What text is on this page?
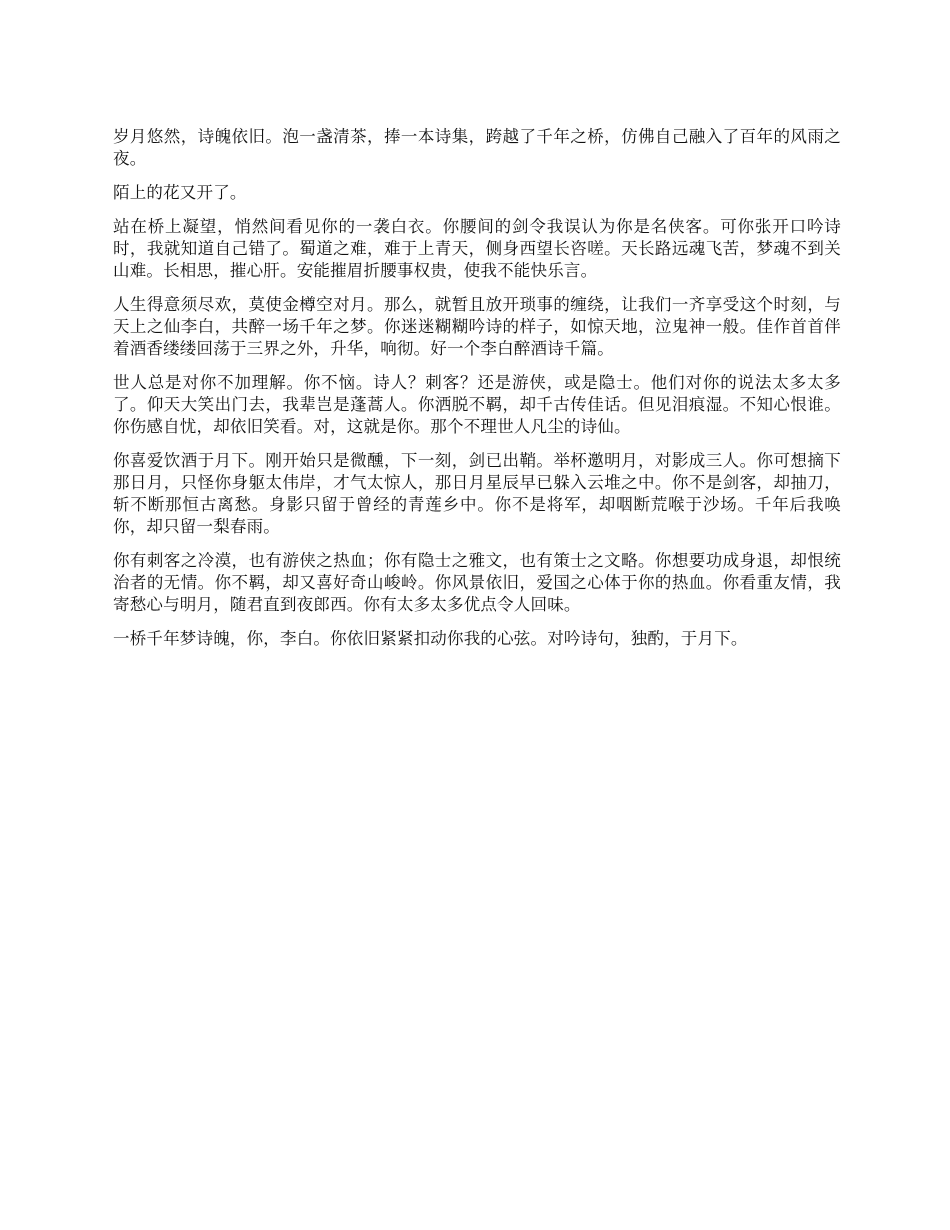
岁月悠然，诗魄依旧。泡一盏清茶，捧一本诗集，跨越了千年之桥，仿佛自己融入了百年的风雨之夜。

陌上的花又开了。

站在桥上凝望，悄然间看见你的一袭白衣。你腰间的剑令我误认为你是名侠客。可你张开口吟诗时，我就知道自己错了。蜀道之难，难于上青天，侧身西望长咨嗟。天长路远魂飞苦，梦魂不到关山难。长相思，摧心肝。安能摧眉折腰事权贵，使我不能快乐言。

人生得意须尽欢，莫使金樽空对月。那么，就暂且放开琐事的缠绕，让我们一齐享受这个时刻，与天上之仙李白，共醉一场千年之梦。你迷迷糊糊吟诗的样子，如惊天地，泣鬼神一般。佳作首首伴着酒香缕缕回荡于三界之外，升华，响彻。好一个李白醉酒诗千篇。

世人总是对你不加理解。你不恼。诗人？刺客？还是游侠，或是隐士。他们对你的说法太多太多了。仰天大笑出门去，我辈岂是蓬蒿人。你洒脱不羁，却千古传佳话。但见泪痕湿。不知心恨谁。你伤感自忧，却依旧笑看。对，这就是你。那个不理世人凡尘的诗仙。

你喜爱饮酒于月下。刚开始只是微醺，下一刻，剑已出鞘。举杯邀明月，对影成三人。你可想摘下那日月，只怪你身躯太伟岸，才气太惊人，那日月星辰早已躲入云堆之中。你不是剑客，却抽刀，斩不断那恒古离愁。身影只留于曾经的青莲乡中。你不是将军，却咽断荒喉于沙场。千年后我唤你，却只留一梨春雨。

你有刺客之冷漠，也有游侠之热血；你有隐士之雅文，也有策士之文略。你想要功成身退，却恨统治者的无情。你不羁，却又喜好奇山峻岭。你风景依旧，爱国之心体于你的热血。你看重友情，我寄愁心与明月，随君直到夜郎西。你有太多太多优点令人回味。

一桥千年梦诗魄，你，李白。你依旧紧紧扣动你我的心弦。对吟诗句，独酌，于月下。
